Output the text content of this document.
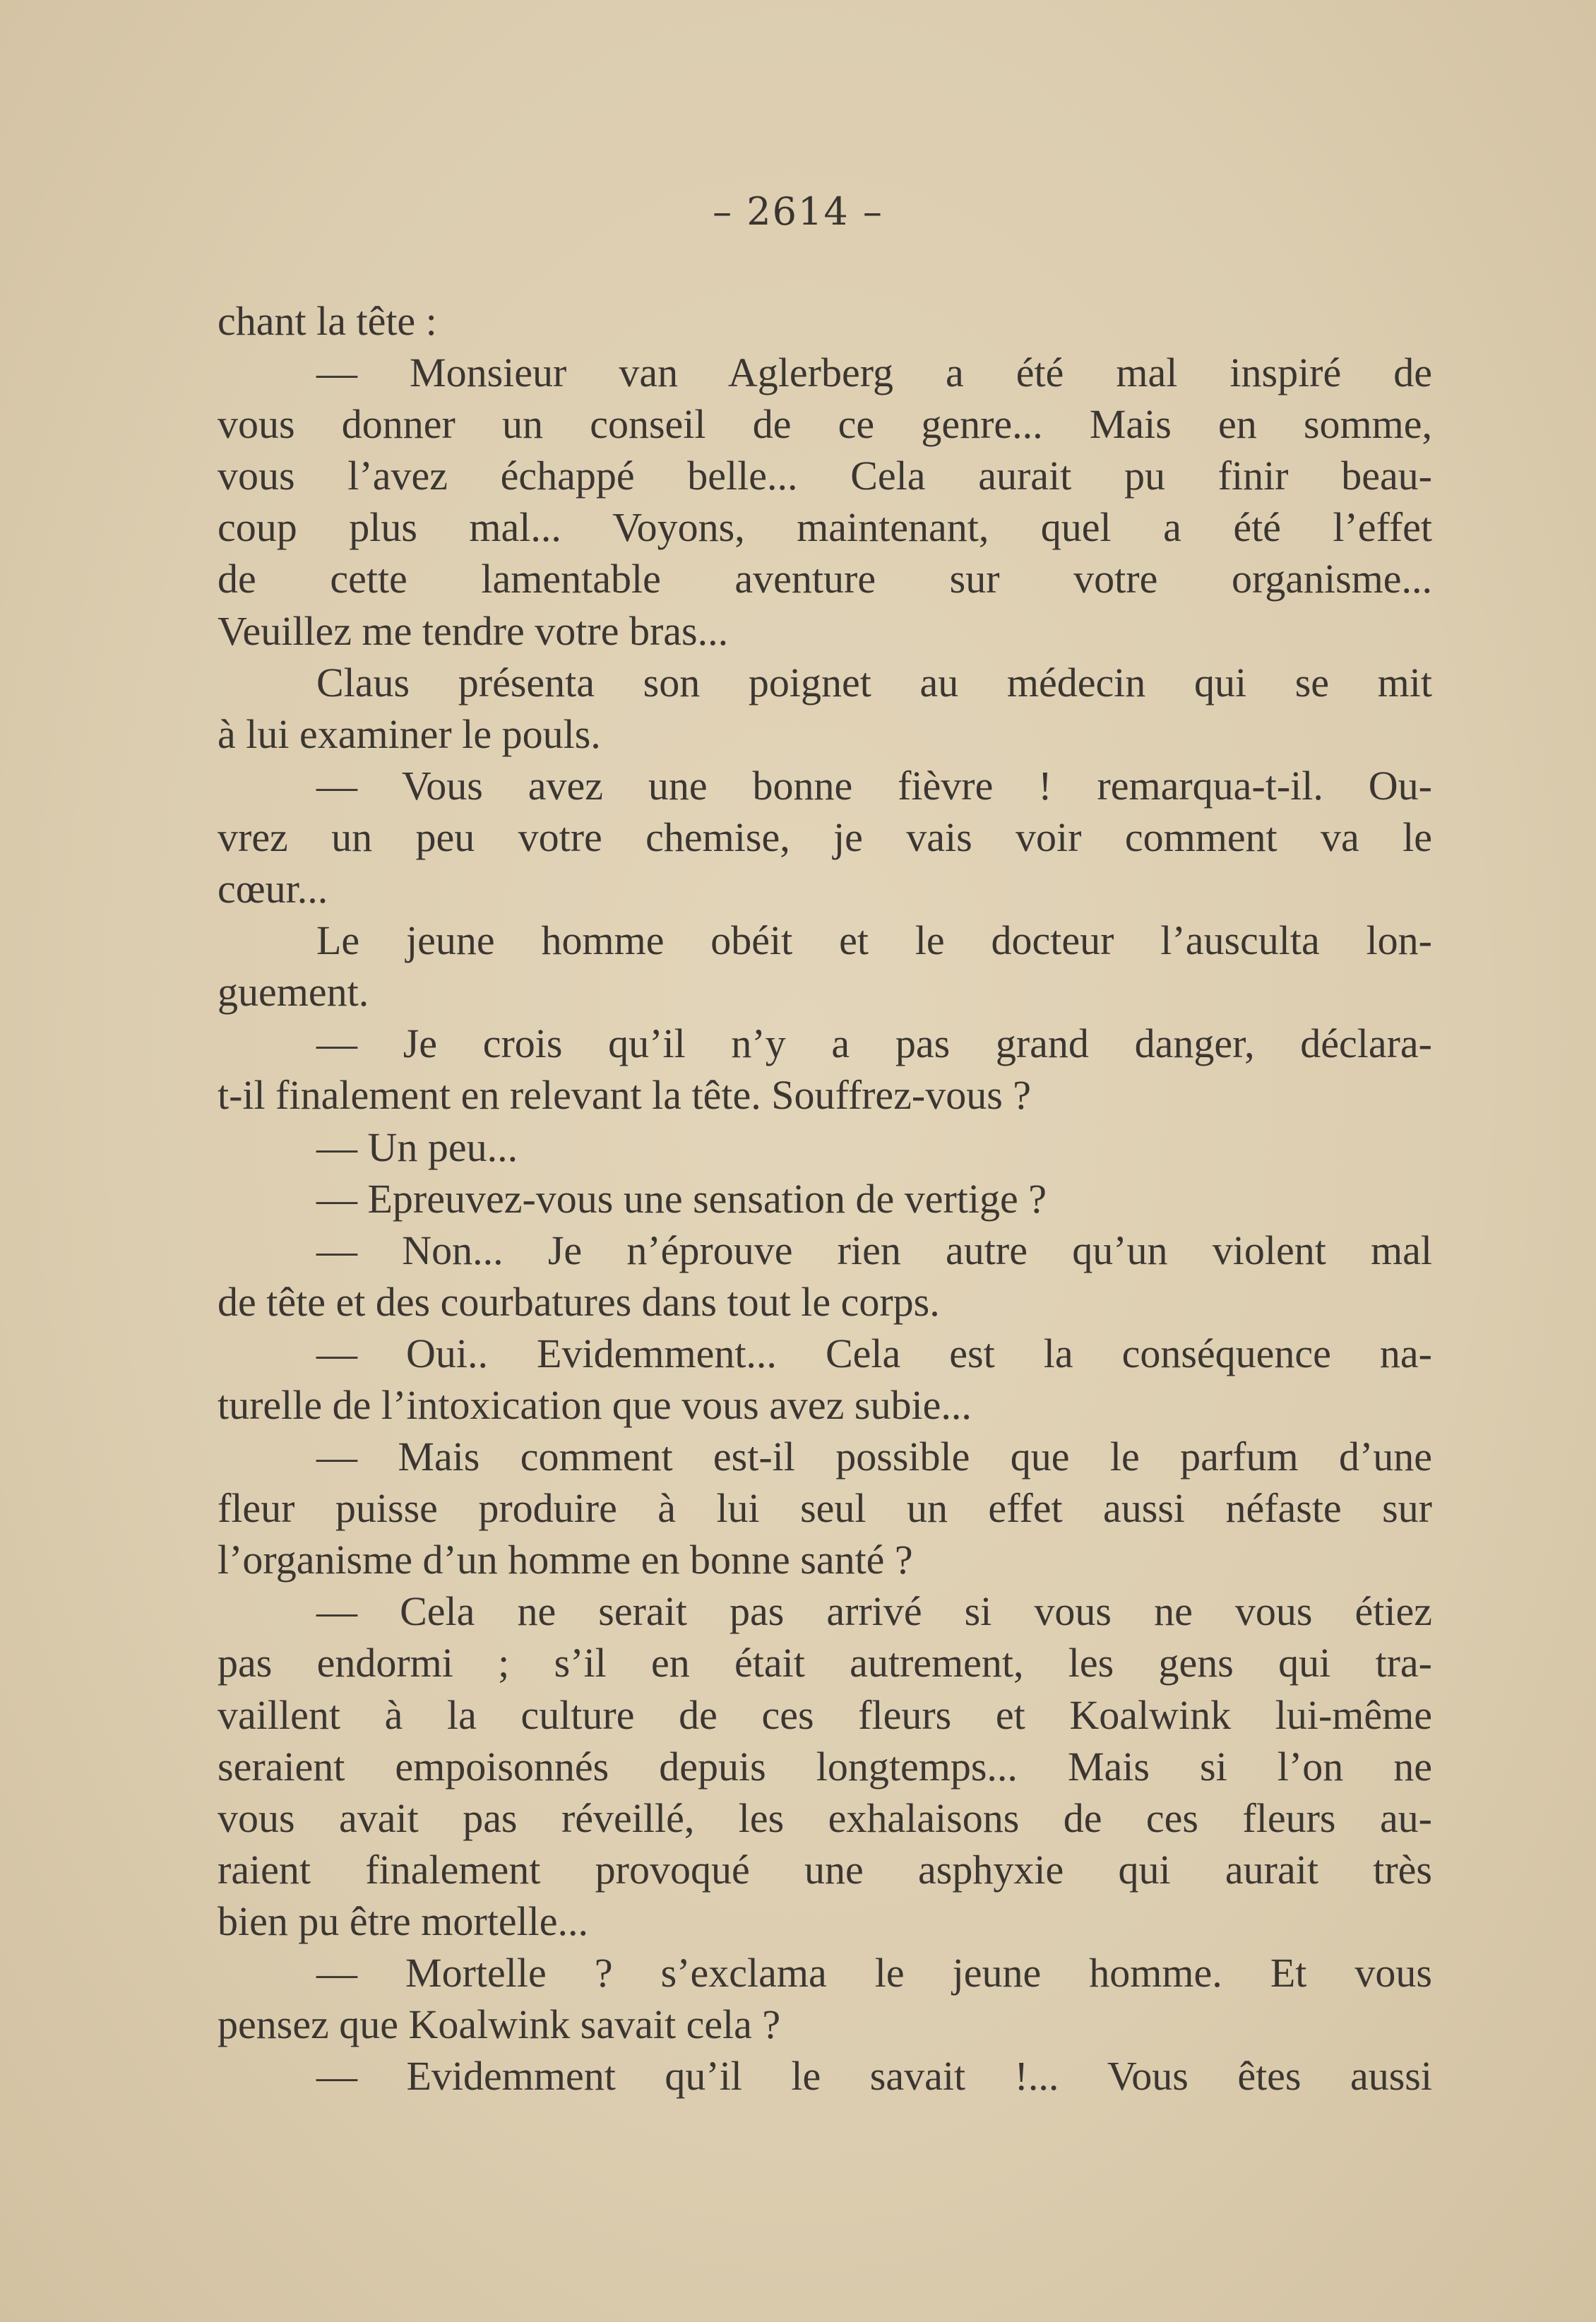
– 2614 –
chant la tête :
— Monsieur van Aglerberg a été mal inspiré de
vous donner un conseil de ce genre... Mais en somme,
vous l’avez échappé belle... Cela aurait pu finir beau-
coup plus mal... Voyons, maintenant, quel a été l’effet
de cette lamentable aventure sur votre organisme...
Veuillez me tendre votre bras...
Claus présenta son poignet au médecin qui se mit
à lui examiner le pouls.
— Vous avez une bonne fièvre ! remarqua-t-il. Ou-
vrez un peu votre chemise, je vais voir comment va le
cœur...
Le jeune homme obéit et le docteur l’ausculta lon-
guement.
— Je crois qu’il n’y a pas grand danger, déclara-
t-il finalement en relevant la tête. Souffrez-vous ?
— Un peu...
— Epreuvez-vous une sensation de vertige ?
— Non... Je n’éprouve rien autre qu’un violent mal
de tête et des courbatures dans tout le corps.
— Oui.. Evidemment... Cela est la conséquence na-
turelle de l’intoxication que vous avez subie...
— Mais comment est-il possible que le parfum d’une
fleur puisse produire à lui seul un effet aussi néfaste sur
l’organisme d’un homme en bonne santé ?
— Cela ne serait pas arrivé si vous ne vous étiez
pas endormi ; s’il en était autrement, les gens qui tra-
vaillent à la culture de ces fleurs et Koalwink lui-même
seraient empoisonnés depuis longtemps... Mais si l’on ne
vous avait pas réveillé, les exhalaisons de ces fleurs au-
raient finalement provoqué une asphyxie qui aurait très
bien pu être mortelle...
— Mortelle ? s’exclama le jeune homme. Et vous
pensez que Koalwink savait cela ?
— Evidemment qu’il le savait !... Vous êtes aussi
